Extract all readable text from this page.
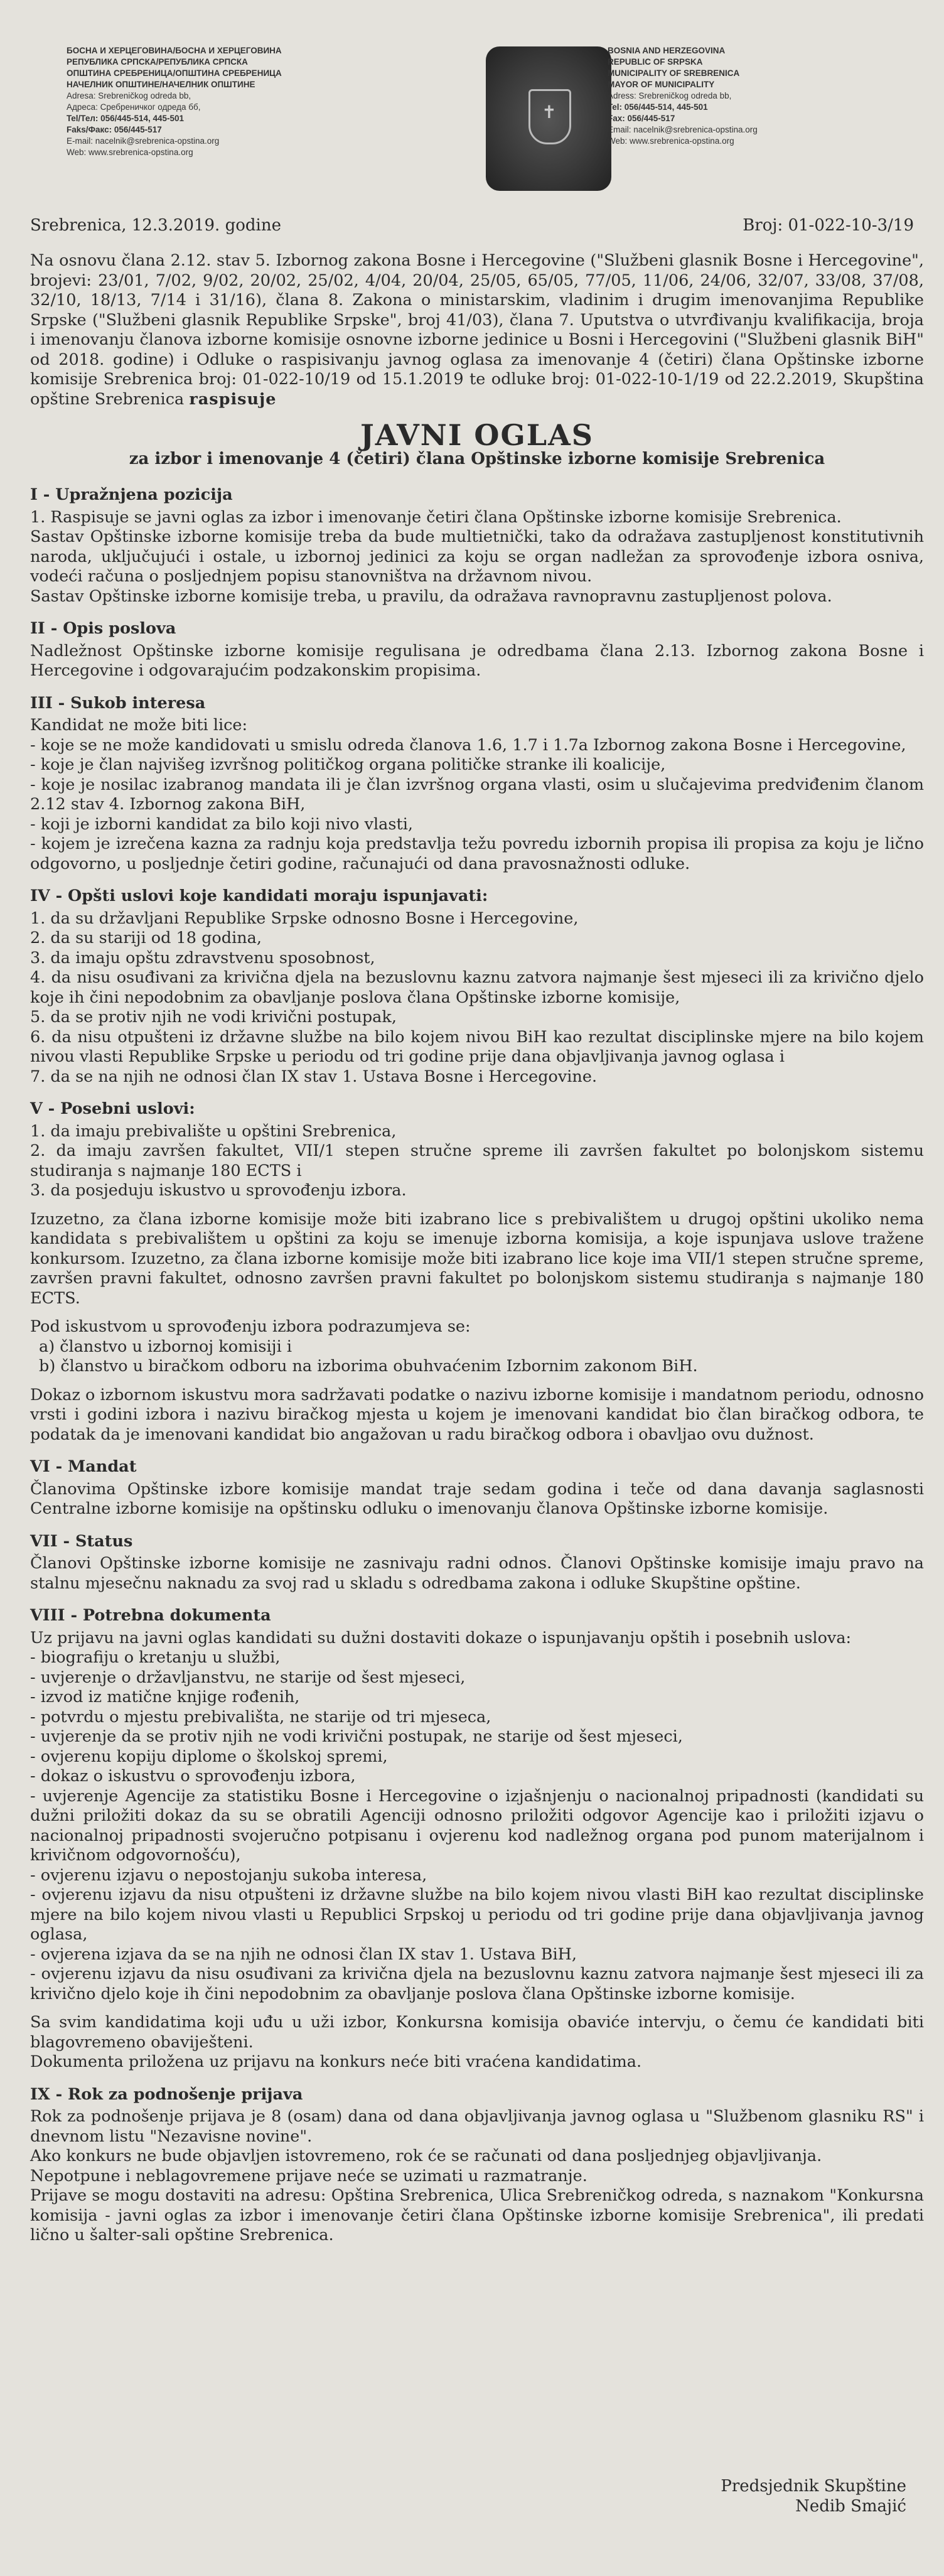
БОСНА И ХЕРЦЕГОВИНА/БОСНА И ХЕРЦЕГОВИНА
РЕПУБЛИКА СРПСКА/РЕПУБЛИКА СРПСКА
ОПШТИНА СРЕБРЕНИЦА/ОПШТИНА СРЕБРЕНИЦА
НАЧЕЛНИК ОПШТИНЕ/НАЧЕЛНИК ОПШТИНЕ
Adresa: Srebreničkog odreda bb,
Адреса: Сребреничког одреда бб,
Tel/Тел: 056/445-514, 445-501
Faks/Факс: 056/445-517
E-mail: nacelnik@srebrenica-opstina.org
Web: www.srebrenica-opstina.org
✝
BOSNIA AND HERZEGOVINA
REPUBLIC OF SRPSKA
MUNICIPALITY OF SREBRENICA
MAYOR OF MUNICIPALITY
Adress: Srebreničkog odreda bb,
Tel: 056/445-514, 445-501
Fax: 056/445-517
Email: nacelnik@srebrenica-opstina.org
Web: www.srebrenica-opstina.org
Srebrenica, 12.3.2019. godine	Broj: 01-022-10-3/19

Na osnovu člana 2.12. stav 5. Izbornog zakona Bosne i Hercegovine ("Službeni glasnik Bosne i Hercegovine", brojevi: 23/01, 7/02, 9/02, 20/02, 25/02, 4/04, 20/04, 25/05, 65/05, 77/05, 11/06, 24/06, 32/07, 33/08, 37/08, 32/10, 18/13, 7/14 i 31/16), člana 8. Zakona o ministarskim, vladinim i drugim imenovanjima Republike Srpske ("Službeni glasnik Republike Srpske", broj 41/03), člana 7. Uputstva o utvrđivanju kvalifikacija, broja i imenovanju članova izborne komisije osnovne izborne jedinice u Bosni i Hercegovini ("Službeni glasnik BiH" od 2018. godine) i Odluke o raspisivanju javnog oglasa za imenovanje 4 (četiri) člana Opštinske izborne komisije Srebrenica broj: 01-022-10/19 od 15.1.2019 te odluke broj: 01-022-10-1/19 od 22.2.2019, Skupština opštine Srebrenica raspisuje

JAVNI OGLAS
za izbor i imenovanje 4 (četiri) člana Opštinske izborne komisije Srebrenica
I - Upražnjena pozicija
1. Raspisuje se javni oglas za izbor i imenovanje četiri člana Opštinske izborne komisije Srebrenica.
Sastav Opštinske izborne komisije treba da bude multietnički, tako da odražava zastupljenost konstitutivnih naroda, uključujući i ostale, u izbornoj jedinici za koju se organ nadležan za sprovođenje izbora osniva, vodeći računa o posljednjem popisu stanovništva na državnom nivou.
Sastav Opštinske izborne komisije treba, u pravilu, da odražava ravnopravnu zastupljenost polova.
II - Opis poslova

Nadležnost Opštinske izborne komisije regulisana je odredbama člana 2.13. Izbornog zakona Bosne i Hercegovine i odgovarajućim podzakonskim propisima.

III - Sukob interesa
Kandidat ne može biti lice:
- koje se ne može kandidovati u smislu odreda članova 1.6, 1.7 i 1.7a Izbornog zakona Bosne i Hercegovine,
- koje je član najvišeg izvršnog političkog organa političke stranke ili koalicije,
- koje je nosilac izabranog mandata ili je član izvršnog organa vlasti, osim u slučajevima predviđenim članom 2.12 stav 4. Izbornog zakona BiH,
- koji je izborni kandidat za bilo koji nivo vlasti,
- kojem je izrečena kazna za radnju koja predstavlja težu povredu izbornih propisa ili propisa za koju je lično odgovorno, u posljednje četiri godine, računajući od dana pravosnažnosti odluke.
IV - Opšti uslovi koje kandidati moraju ispunjavati:
1. da su državljani Republike Srpske odnosno Bosne i Hercegovine,
2. da su stariji od 18 godina,
3. da imaju opštu zdravstvenu sposobnost,
4. da nisu osuđivani za krivična djela na bezuslovnu kaznu zatvora najmanje šest mjeseci ili za krivično djelo koje ih čini nepodobnim za obavljanje poslova člana Opštinske izborne komisije,
5. da se protiv njih ne vodi krivični postupak,
6. da nisu otpušteni iz državne službe na bilo kojem nivou BiH kao rezultat disciplinske mjere na bilo kojem nivou vlasti Republike Srpske u periodu od tri godine prije dana objavljivanja javnog oglasa i
7. da se na njih ne odnosi član IX stav 1. Ustava Bosne i Hercegovine.
V - Posebni uslovi:
1. da imaju prebivalište u opštini Srebrenica,
2. da imaju završen fakultet, VII/1 stepen stručne spreme ili završen fakultet po bolonjskom sistemu studiranja s najmanje 180 ECTS i
3. da posjeduju iskustvo u sprovođenju izbora.

Izuzetno, za člana izborne komisije može biti izabrano lice s prebivalištem u drugoj opštini ukoliko nema kandidata s prebivalištem u opštini za koju se imenuje izborna komisija, a koje ispunjava uslove traženе konkursom. Izuzetno, za člana izborne komisije može biti izabrano lice koje ima VII/1 stepen stručne spreme, završen pravni fakultet, odnosno završen pravni fakultet po bolonjskom sistemu studiranja s najmanje 180 ECTS.

Pod iskustvom u sprovođenju izbora podrazumjeva se:
a) članstvo u izbornoj komisiji i
b) članstvo u biračkom odboru na izborima obuhvaćenim Izbornim zakonom BiH.

Dokaz o izbornom iskustvu mora sadržavati podatke o nazivu izborne komisije i mandatnom periodu, odnosno vrsti i godini izbora i nazivu biračkog mjesta u kojem je imenovani kandidat bio član biračkog odbora, te podatak da je imenovani kandidat bio angažovan u radu biračkog odbora i obavljao ovu dužnost.

VI - Mandat

Članovima Opštinske izbore komisije mandat traje sedam godina i teče od dana davanja saglasnosti Centralne izborne komisije na opštinsku odluku o imenovanju članova Opštinske izborne komisije.

VII - Status

Članovi Opštinske izborne komisije ne zasnivaju radni odnos. Članovi Opštinske komisije imaju pravo na stalnu mjesečnu naknadu za svoj rad u skladu s odredbama zakona i odluke Skupštine opštine.

VIII - Potrebna dokumenta
Uz prijavu na javni oglas kandidati su dužni dostaviti dokaze o ispunjavanju opštih i posebnih uslova:
- biografiju o kretanju u službi,
- uvjerenje o državljanstvu, ne starije od šest mjeseci,
- izvod iz matične knjige rođenih,
- potvrdu o mjestu prebivališta, ne starije od tri mjeseca,
- uvjerenje da se protiv njih ne vodi krivični postupak, ne starije od šest mjeseci,
- ovjerenu kopiju diplome o školskoj spremi,
- dokaz o iskustvu o sprovođenju izbora,
- uvjerenje Agencije za statistiku Bosne i Hercegovine o izjašnjenju o nacionalnoj pripadnosti (kandidati su dužni priložiti dokaz da su se obratili Agenciji odnosno priložiti odgovor Agencije kao i priložiti izjavu o nacionalnoj pripadnosti svojeručno potpisanu i ovjerenu kod nadležnog organa pod punom materijalnom i krivičnom odgovornošću),
- ovjerenu izjavu o nepostojanju sukoba interesa,
- ovjerenu izjavu da nisu otpušteni iz državne službe na bilo kojem nivou vlasti BiH kao rezultat disciplinske mjere na bilo kojem nivou vlasti u Republici Srpskoj u periodu od tri godine prije dana objavljivanja javnog oglasa,
- ovjerena izjava da se na njih ne odnosi član IX stav 1. Ustava BiH,
- ovjerenu izjavu da nisu osuđivani za krivična djela na bezuslovnu kaznu zatvora najmanje šest mjeseci ili za krivično djelo koje ih čini nepodobnim za obavljanje poslova člana Opštinske izborne komisije.
Sa svim kandidatima koji uđu u uži izbor, Konkursna komisija obaviće intervju, o čemu će kandidati biti blagovremeno obaviješteni.
Dokumenta priložena uz prijavu na konkurs neće biti vraćena kandidatima.
IX - Rok za podnošenje prijava
Rok za podnošenje prijava je 8 (osam) dana od dana objavljivanja javnog oglasa u "Službenom glasniku RS" i dnevnom listu "Nezavisne novine".
Ako konkurs ne bude objavljen istovremeno, rok će se računati od dana posljednjeg objavljivanja.
Nepotpune i neblagovremene prijave neće se uzimati u razmatranje.
Prijave se mogu dostaviti na adresu: Opština Srebrenica, Ulica Srebreničkog odreda, s naznakom "Konkursna komisija - javni oglas za izbor i imenovanje četiri člana Opštinske izborne komisije Srebrenica", ili predati lično u šalter-sali opštine Srebrenica.
Predsjednik Skupštine
Nedib Smajić
